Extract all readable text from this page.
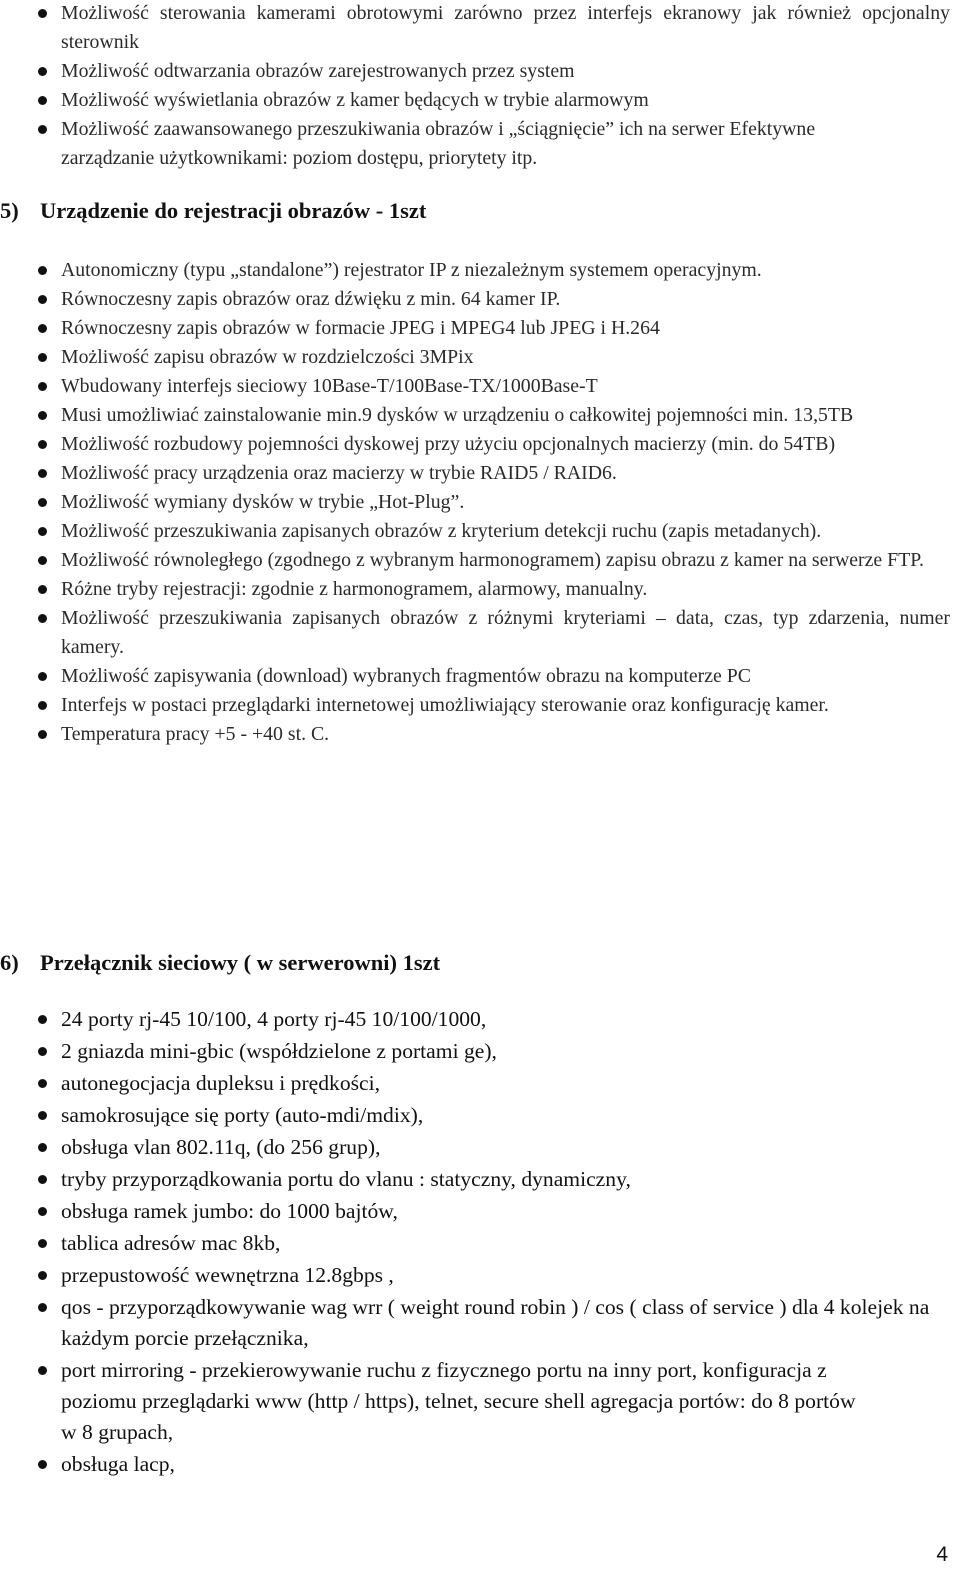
Możliwość sterowania kamerami obrotowymi zarówno przez interfejs ekranowy jak również opcjonalny sterownik
Możliwość odtwarzania obrazów zarejestrowanych przez system
Możliwość wyświetlania obrazów z kamer będących w trybie alarmowym
Możliwość zaawansowanego przeszukiwania obrazów i „ściągnięcie” ich na serwer Efektywne zarządzanie użytkownikami: poziom dostępu, priorytety itp.
5) Urządzenie do rejestracji obrazów - 1szt
Autonomiczny (typu „standalone”) rejestrator IP z niezależnym systemem operacyjnym.
Równoczesny zapis obrazów oraz dźwięku z min. 64 kamer IP.
Równoczesny zapis obrazów w formacie JPEG i MPEG4 lub JPEG i H.264
Możliwość zapisu obrazów w rozdzielczości 3MPix
Wbudowany interfejs sieciowy 10Base-T/100Base-TX/1000Base-T
Musi umożliwiać zainstalowanie min.9 dysków w urządzeniu o całkowitej pojemności min. 13,5TB
Możliwość rozbudowy pojemności dyskowej przy użyciu opcjonalnych macierzy (min. do 54TB)
Możliwość pracy urządzenia oraz macierzy w trybie RAID5 / RAID6.
Możliwość wymiany dysków w trybie „Hot-Plug”.
Możliwość przeszukiwania zapisanych obrazów z kryterium detekcji ruchu (zapis metadanych).
Możliwość równoległego (zgodnego z wybranym harmonogramem) zapisu obrazu z kamer na serwerze FTP.
Różne tryby rejestracji: zgodnie z harmonogramem, alarmowy, manualny.
Możliwość przeszukiwania zapisanych obrazów z różnymi kryteriami – data, czas, typ zdarzenia, numer kamery.
Możliwość zapisywania (download) wybranych fragmentów obrazu na komputerze PC
Interfejs w postaci przeglądarki internetowej umożliwiający sterowanie oraz konfigurację kamer.
Temperatura pracy +5 - +40 st. C.
6) Przełącznik sieciowy ( w serwerowni) 1szt
24 porty rj-45 10/100, 4 porty rj-45 10/100/1000,
2 gniazda mini-gbic (współdzielone z portami ge),
autonegocjacja dupleksu i prędkości,
samokrosujące się porty (auto-mdi/mdix),
obsługa vlan 802.11q, (do 256 grup),
tryby przyporządkowania portu do vlanu : statyczny, dynamiczny,
obsługa ramek jumbo: do 1000 bajtów,
tablica adresów mac 8kb,
przepustowość wewnętrzna 12.8gbps ,
qos - przyporządkowywanie wag wrr ( weight round robin ) / cos ( class of service ) dla 4 kolejek na każdym porcie przełącznika,
port mirroring - przekierowywanie ruchu z fizycznego portu na inny port, konfiguracja z poziomu przeglądarki www (http / https), telnet, secure shell agregacja portów: do 8 portów w 8 grupach,
obsługa lacp,
4
